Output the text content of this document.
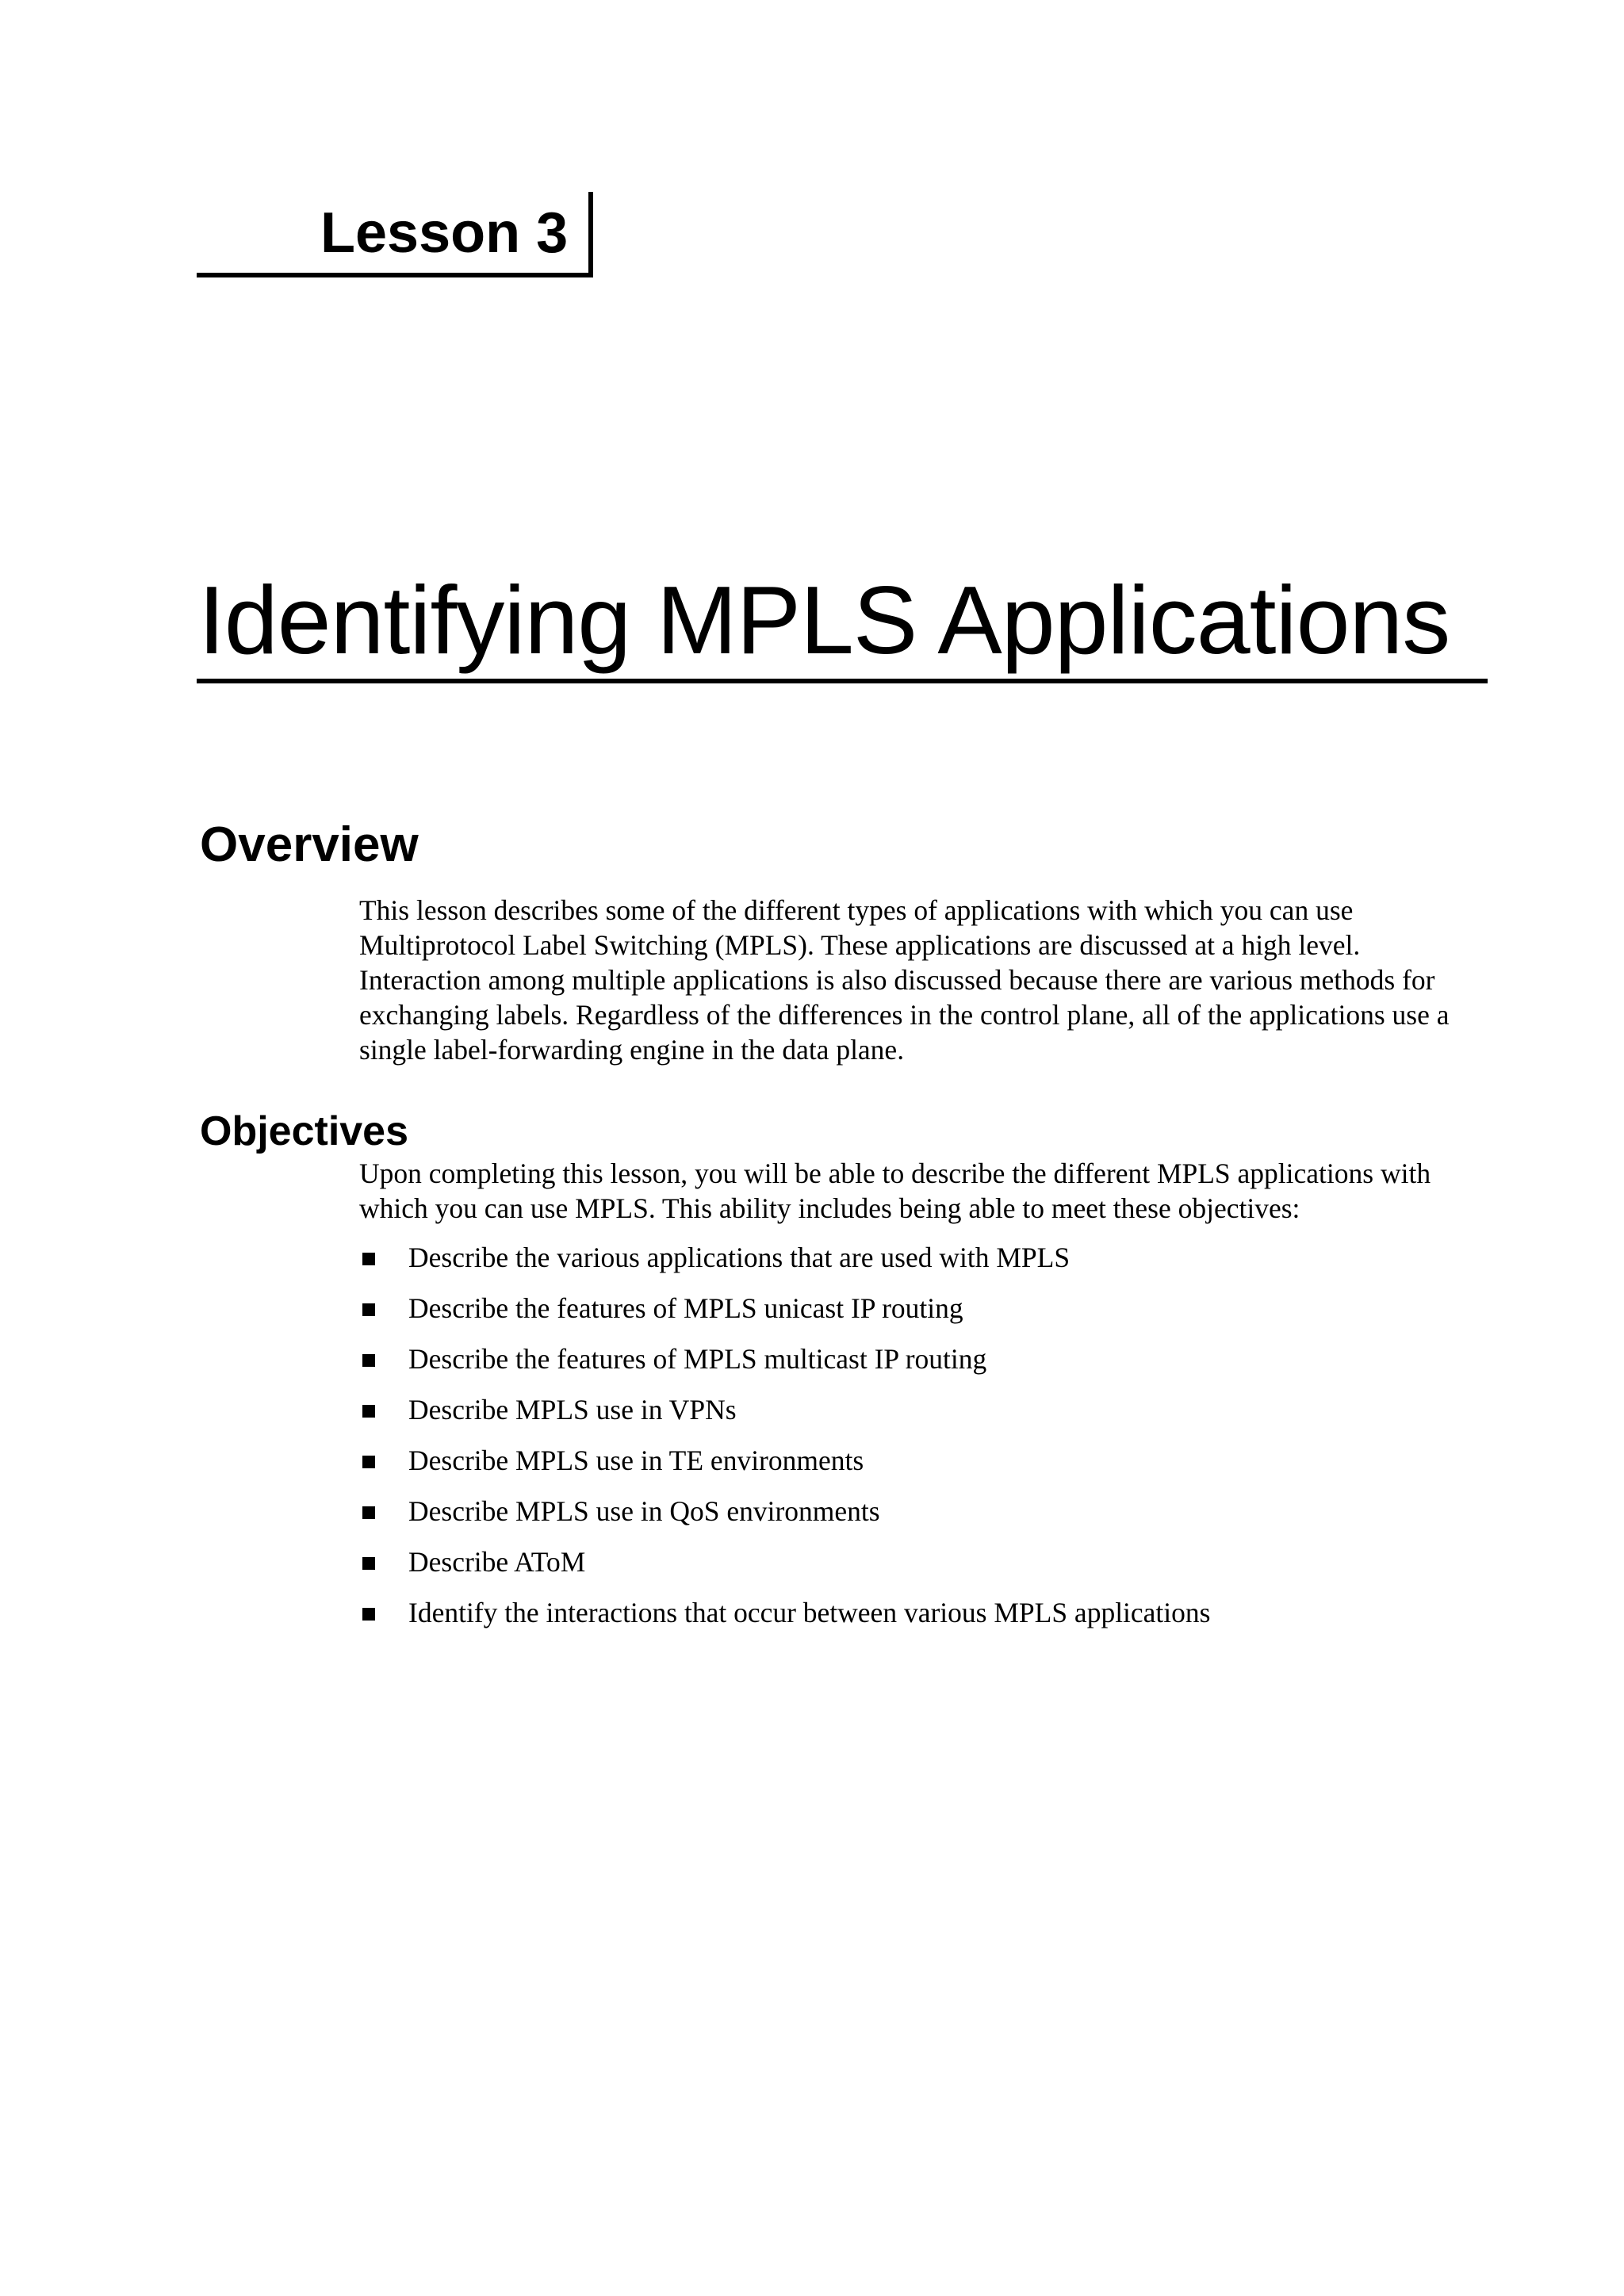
Lesson 3
Identifying MPLS Applications
Overview
This lesson describes some of the different types of applications with which you can use Multiprotocol Label Switching (MPLS). These applications are discussed at a high level. Interaction among multiple applications is also discussed because there are various methods for exchanging labels. Regardless of the differences in the control plane, all of the applications use a single label-forwarding engine in the data plane.
Objectives
Upon completing this lesson, you will be able to describe the different MPLS applications with which you can use MPLS. This ability includes being able to meet these objectives:
Describe the various applications that are used with MPLS
Describe the features of MPLS unicast IP routing
Describe the features of MPLS multicast IP routing
Describe MPLS use in VPNs
Describe MPLS use in TE environments
Describe MPLS use in QoS environments
Describe AToM
Identify the interactions that occur between various MPLS applications
